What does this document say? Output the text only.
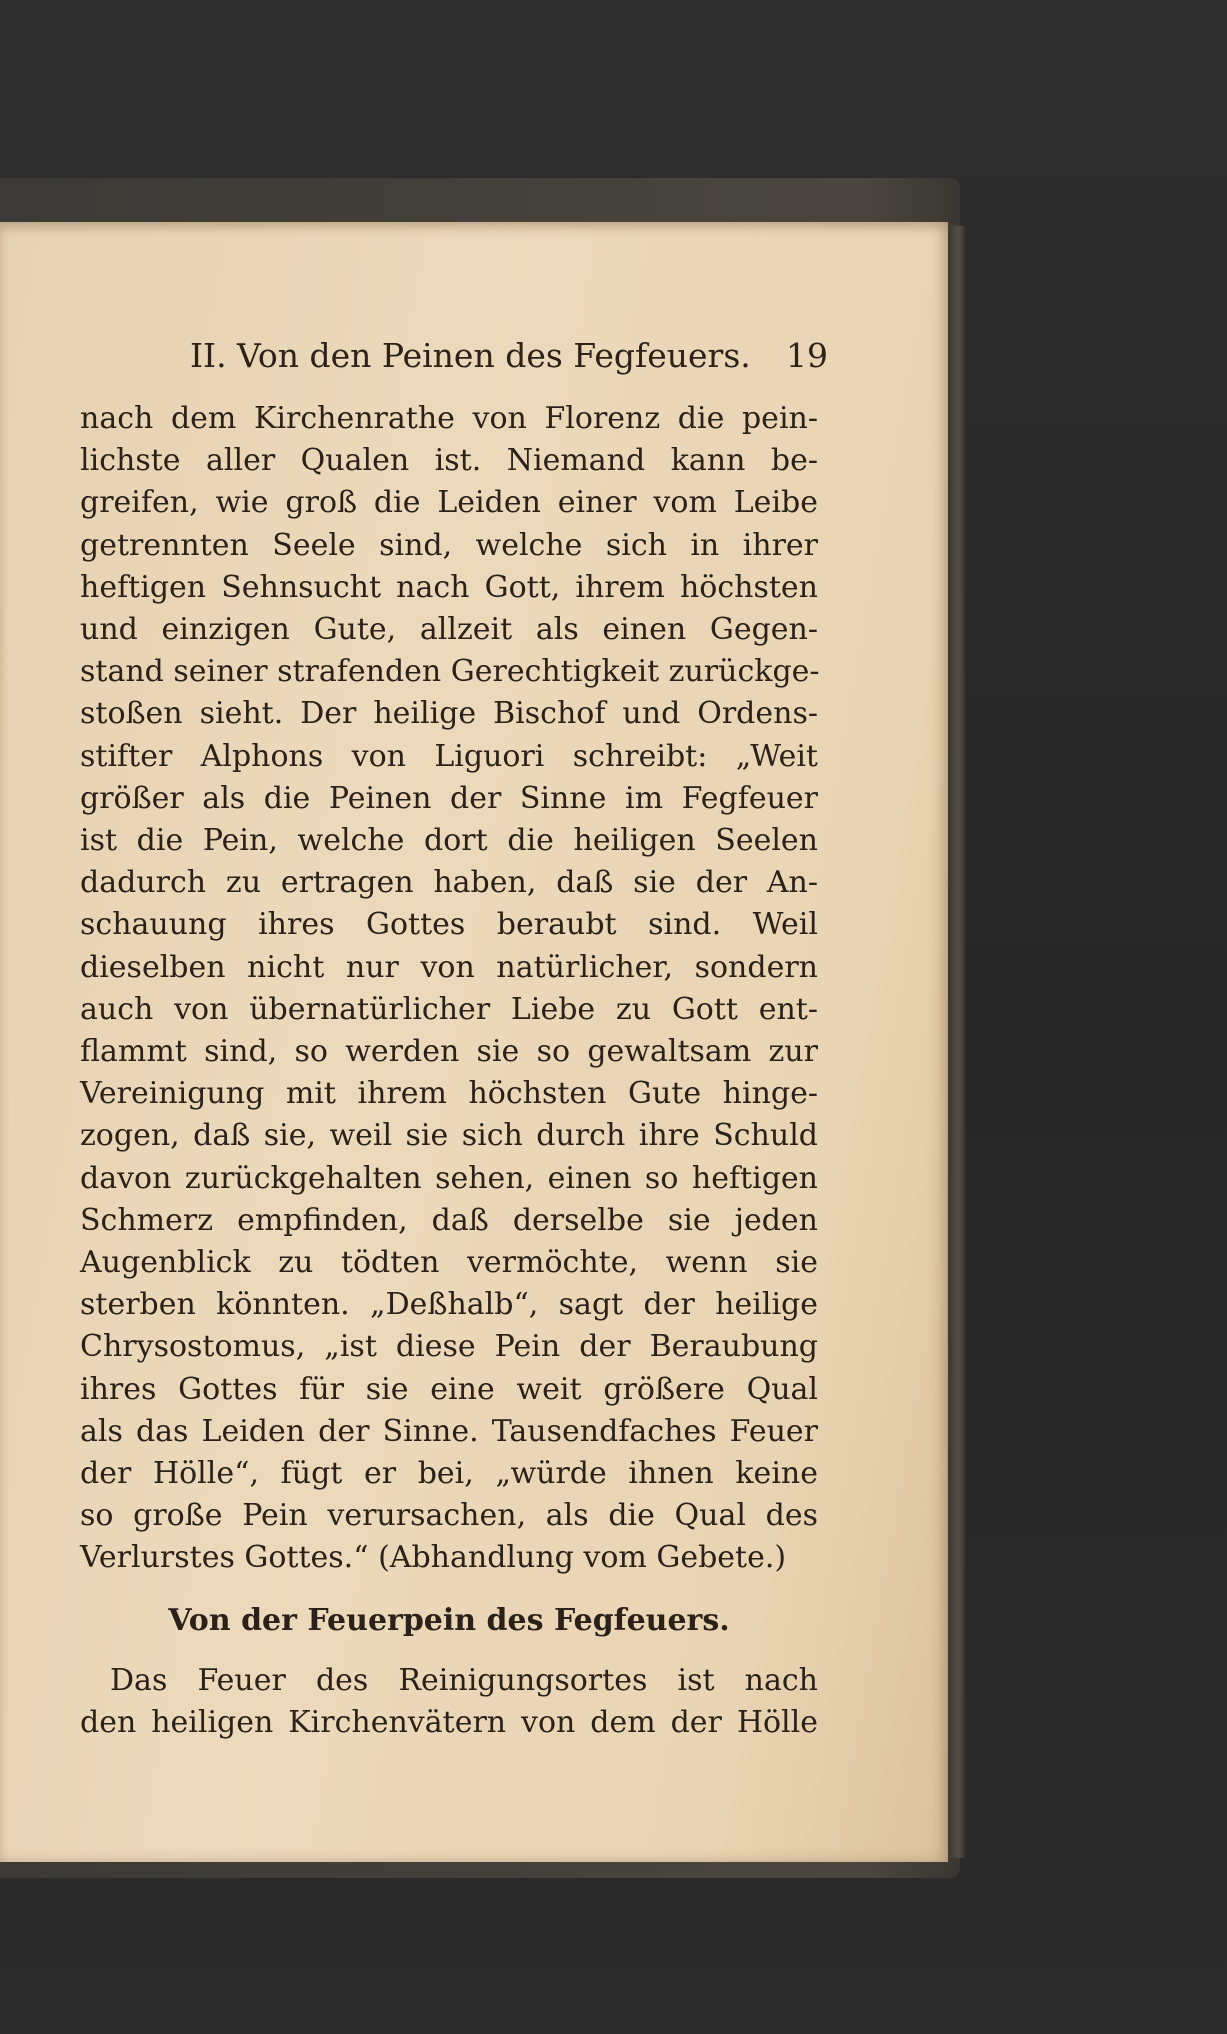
II. Von den Peinen des Fegfeuers.	19
nach dem Kirchenrathe von Florenz die pein-
lichste aller Qualen ist. Niemand kann be-
greifen, wie groß die Leiden einer vom Leibe
getrennten Seele sind, welche sich in ihrer
heftigen Sehnsucht nach Gott, ihrem höchsten
und einzigen Gute, allzeit als einen Gegen-
stand seiner strafenden Gerechtigkeit zurückge-
stoßen sieht. Der heilige Bischof und Ordens-
stifter Alphons von Liguori schreibt: „Weit
größer als die Peinen der Sinne im Fegfeuer
ist die Pein, welche dort die heiligen Seelen
dadurch zu ertragen haben, daß sie der An-
schauung ihres Gottes beraubt sind. Weil
dieselben nicht nur von natürlicher, sondern
auch von übernatürlicher Liebe zu Gott ent-
flammt sind, so werden sie so gewaltsam zur
Vereinigung mit ihrem höchsten Gute hinge-
zogen, daß sie, weil sie sich durch ihre Schuld
davon zurückgehalten sehen, einen so heftigen
Schmerz empfinden, daß derselbe sie jeden
Augenblick zu tödten vermöchte, wenn sie
sterben könnten. „Deßhalb“, sagt der heilige
Chrysostomus, „ist diese Pein der Beraubung
ihres Gottes für sie eine weit größere Qual
als das Leiden der Sinne. Tausendfaches Feuer
der Hölle“, fügt er bei, „würde ihnen keine
so große Pein verursachen, als die Qual des
Verlurstes Gottes.“ (Abhandlung vom Gebete.)
Von der Feuerpein des Fegfeuers.
Das Feuer des Reinigungsortes ist nach
den heiligen Kirchenvätern von dem der Hölle
